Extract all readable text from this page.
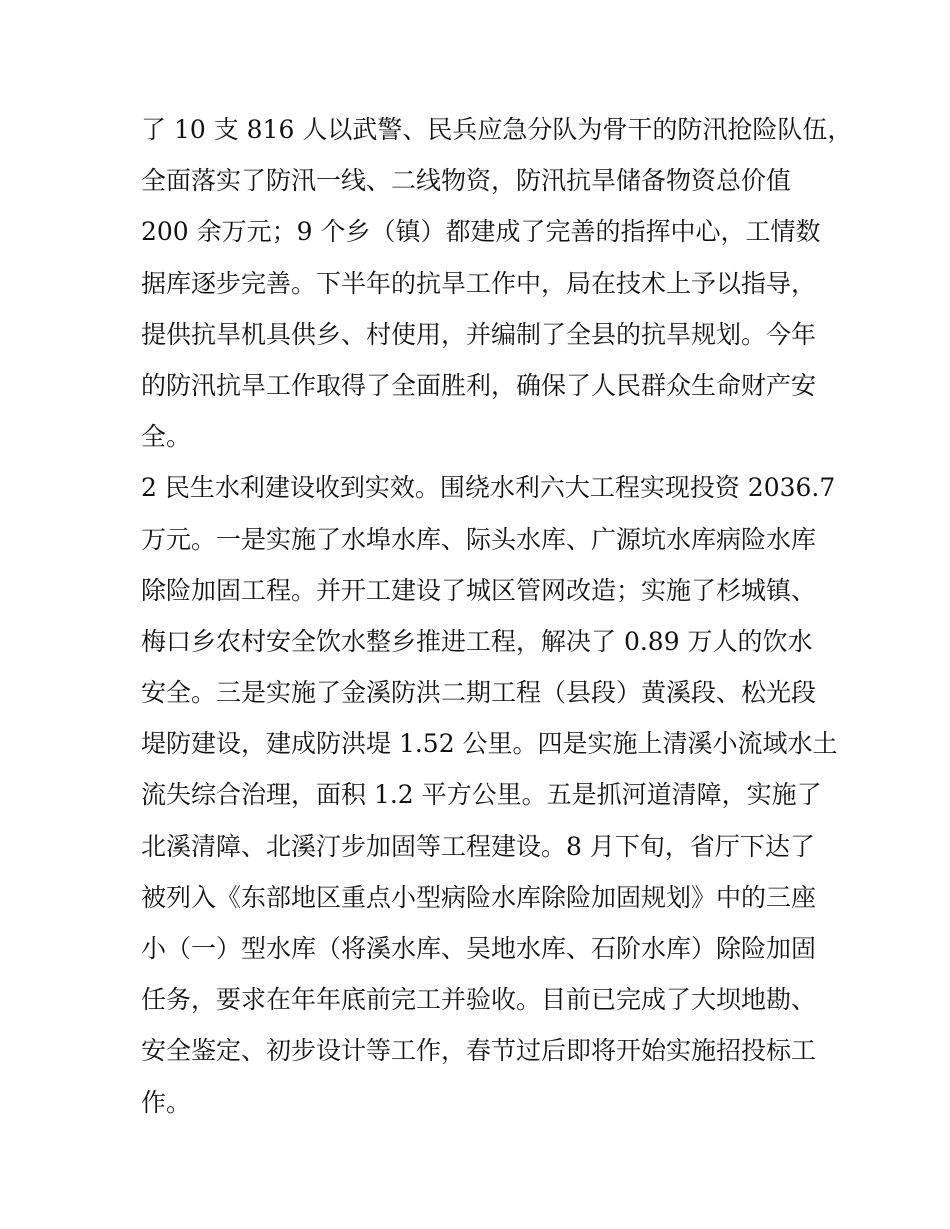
了 10 支 816 人以武警、民兵应急分队为骨干的防汛抢险队伍，
全面落实了防汛一线、二线物资，防汛抗旱储备物资总价值
200 余万元；9 个乡（镇）都建成了完善的指挥中心，工情数
据库逐步完善。下半年的抗旱工作中，局在技术上予以指导，
提供抗旱机具供乡、村使用，并编制了全县的抗旱规划。今年
的防汛抗旱工作取得了全面胜利，确保了人民群众生命财产安
全。
2 民生水利建设收到实效。围绕水利六大工程实现投资 2036.7
万元。一是实施了水埠水库、际头水库、广源坑水库病险水库
除险加固工程。并开工建设了城区管网改造；实施了杉城镇、
梅口乡农村安全饮水整乡推进工程，解决了 0.89 万人的饮水
安全。三是实施了金溪防洪二期工程（县段）黄溪段、松光段
堤防建设，建成防洪堤 1.52 公里。四是实施上清溪小流域水土
流失综合治理，面积 1.2 平方公里。五是抓河道清障，实施了
北溪清障、北溪汀步加固等工程建设。8 月下旬，省厅下达了
被列入《东部地区重点小型病险水库除险加固规划》中的三座
小（一）型水库（将溪水库、吴地水库、石阶水库）除险加固
任务，要求在年年底前完工并验收。目前已完成了大坝地勘、
安全鉴定、初步设计等工作，春节过后即将开始实施招投标工
作。
